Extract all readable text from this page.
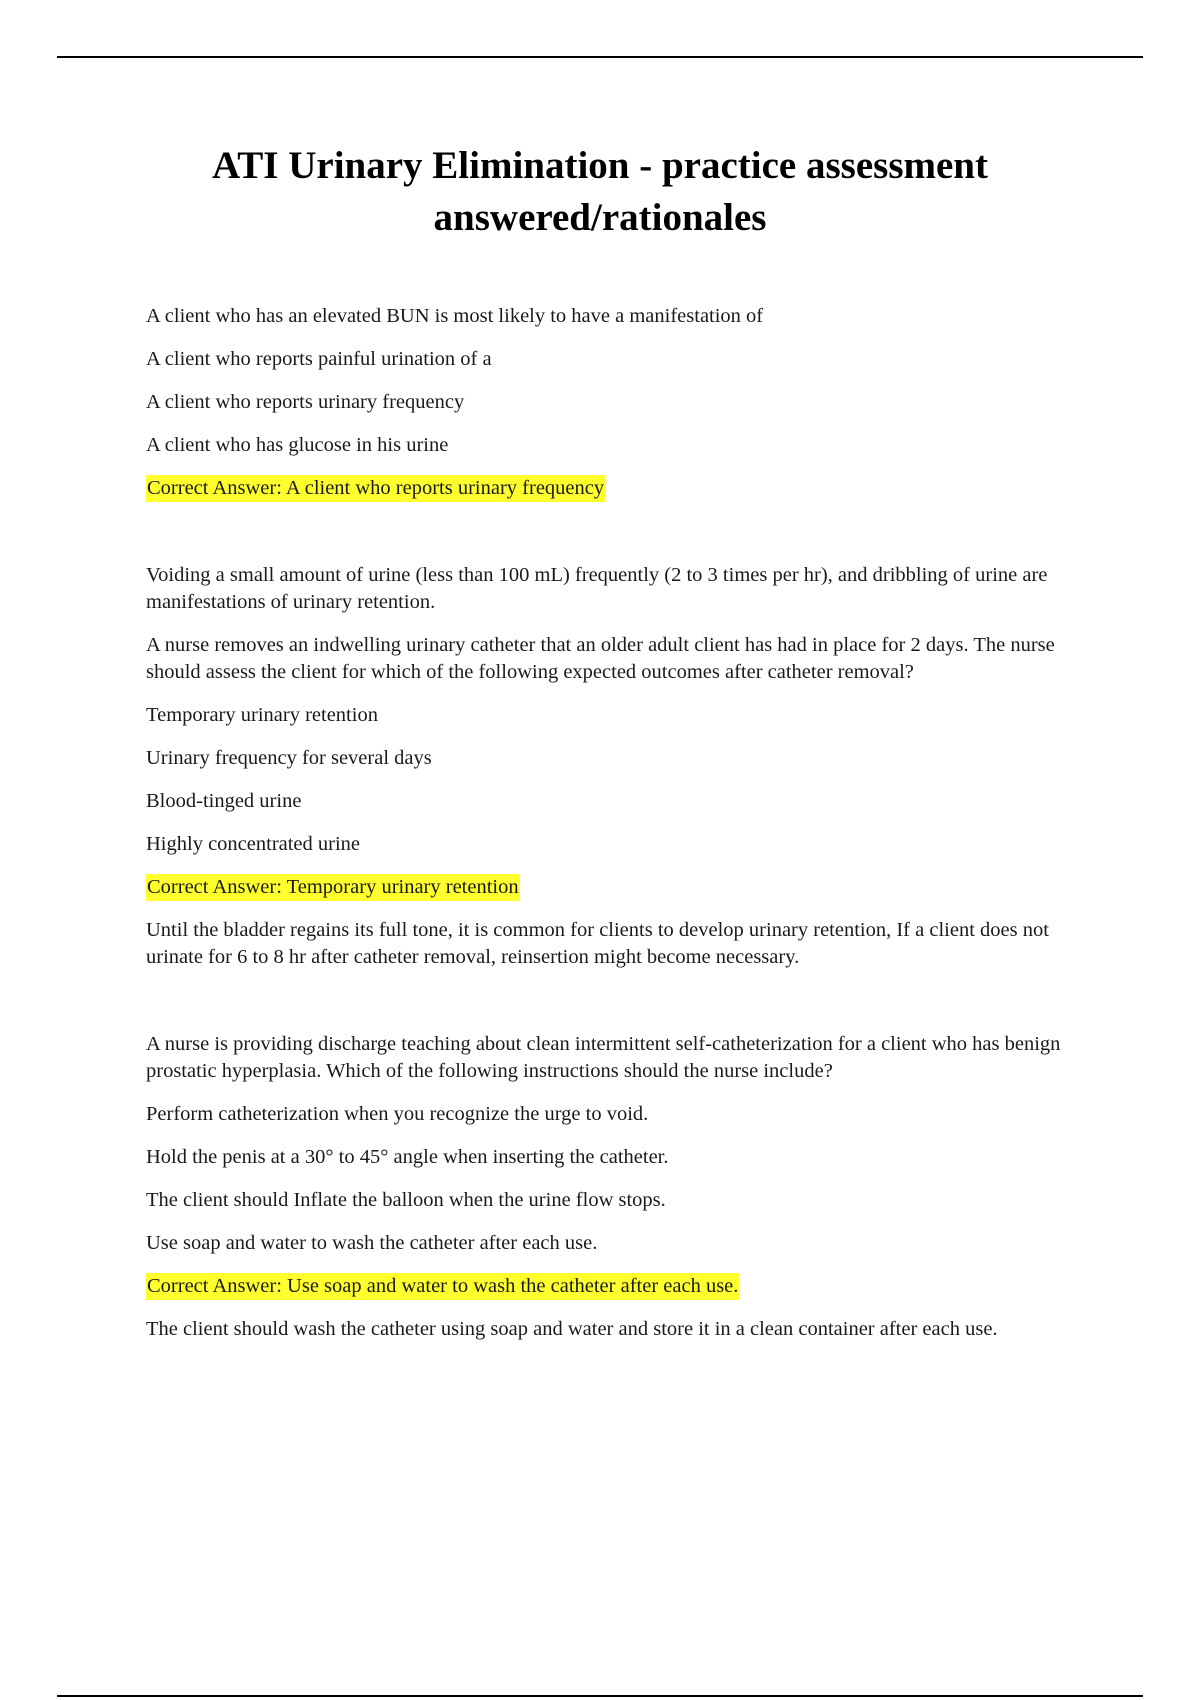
ATI Urinary Elimination - practice assessment answered/rationales

A client who has an elevated BUN is most likely to have a manifestation of

A client who reports painful urination of a

A client who reports urinary frequency

A client who has glucose in his urine

Correct Answer: A client who reports urinary frequency

Voiding a small amount of urine (less than 100 mL) frequently (2 to 3 times per hr), and dribbling of urine are manifestations of urinary retention.

A nurse removes an indwelling urinary catheter that an older adult client has had in place for 2 days. The nurse should assess the client for which of the following expected outcomes after catheter removal?

Temporary urinary retention

Urinary frequency for several days

Blood-tinged urine

Highly concentrated urine

Correct Answer: Temporary urinary retention

Until the bladder regains its full tone, it is common for clients to develop urinary retention, If a client does not urinate for 6 to 8 hr after catheter removal, reinsertion might become necessary.

A nurse is providing discharge teaching about clean intermittent self-catheterization for a client who has benign prostatic hyperplasia. Which of the following instructions should the nurse include?

Perform catheterization when you recognize the urge to void.

Hold the penis at a 30° to 45° angle when inserting the catheter.

The client should Inflate the balloon when the urine flow stops.

Use soap and water to wash the catheter after each use.

Correct Answer: Use soap and water to wash the catheter after each use.

The client should wash the catheter using soap and water and store it in a clean container after each use.
